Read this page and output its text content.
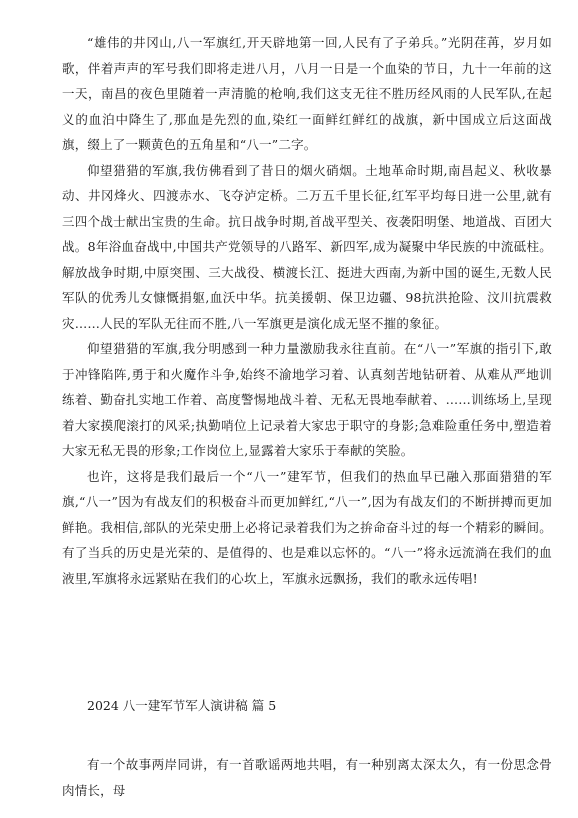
“雄伟的井冈山,八一军旗红,开天辟地第一回,人民有了子弟兵。”光阴荏苒，岁月如歌，伴着声声的军号我们即将走进八月，八月一日是一个血染的节日，九十一年前的这一天，南昌的夜色里随着一声清脆的枪响,我们这支无往不胜历经风雨的人民军队,在起义的血泊中降生了,那血是先烈的血,染红一面鲜红鲜红的战旗，新中国成立后这面战旗，缀上了一颗黄色的五角星和“八一”二字。

仰望猎猎的军旗,我仿佛看到了昔日的烟火硝烟。土地革命时期,南昌起义、秋收暴动、井冈烽火、四渡赤水、飞夺泸定桥。二万五千里长征,红军平均每日进一公里,就有三四个战士献出宝贵的生命。抗日战争时期,首战平型关、夜袭阳明堡、地道战、百团大战。8年浴血奋战中,中国共产党领导的八路军、新四军,成为凝聚中华民族的中流砥柱。解放战争时期,中原突围、三大战役、横渡长江、挺进大西南,为新中国的诞生,无数人民军队的优秀儿女慷慨捐躯,血沃中华。抗美援朝、保卫边疆、98抗洪抢险、汶川抗震救灾……人民的军队无往而不胜,八一军旗更是演化成无坚不摧的象征。

仰望猎猎的军旗,我分明感到一种力量激励我永往直前。在“八一”军旗的指引下,敢于冲锋陷阵,勇于和火魔作斗争,始终不渝地学习着、认真刻苦地钻研着、从难从严地训练着、勤奋扎实地工作着、高度警惕地战斗着、无私无畏地奉献着、……训练场上,呈现着大家摸爬滚打的风采;执勤哨位上记录着大家忠于职守的身影;急难险重任务中,塑造着大家无私无畏的形象;工作岗位上,显露着大家乐于奉献的笑脸。

也许，这将是我们最后一个“八一”建军节，但我们的热血早已融入那面猎猎的军旗,“八一”因为有战友们的积极奋斗而更加鲜红,“八一”,因为有战友们的不断拼搏而更加鲜艳。我相信,部队的光荣史册上必将记录着我们为之拚命奋斗过的每一个精彩的瞬间。有了当兵的历史是光荣的、是值得的、也是难以忘怀的。“八一”将永远流淌在我们的血液里,军旗将永远紧贴在我们的心坎上，军旗永远飘扬，我们的歌永远传唱!

2024 八一建军节军人演讲稿 篇 5

有一个故事两岸同讲，有一首歌谣两地共唱，有一种别离太深太久，有一份思念骨肉情长，母
